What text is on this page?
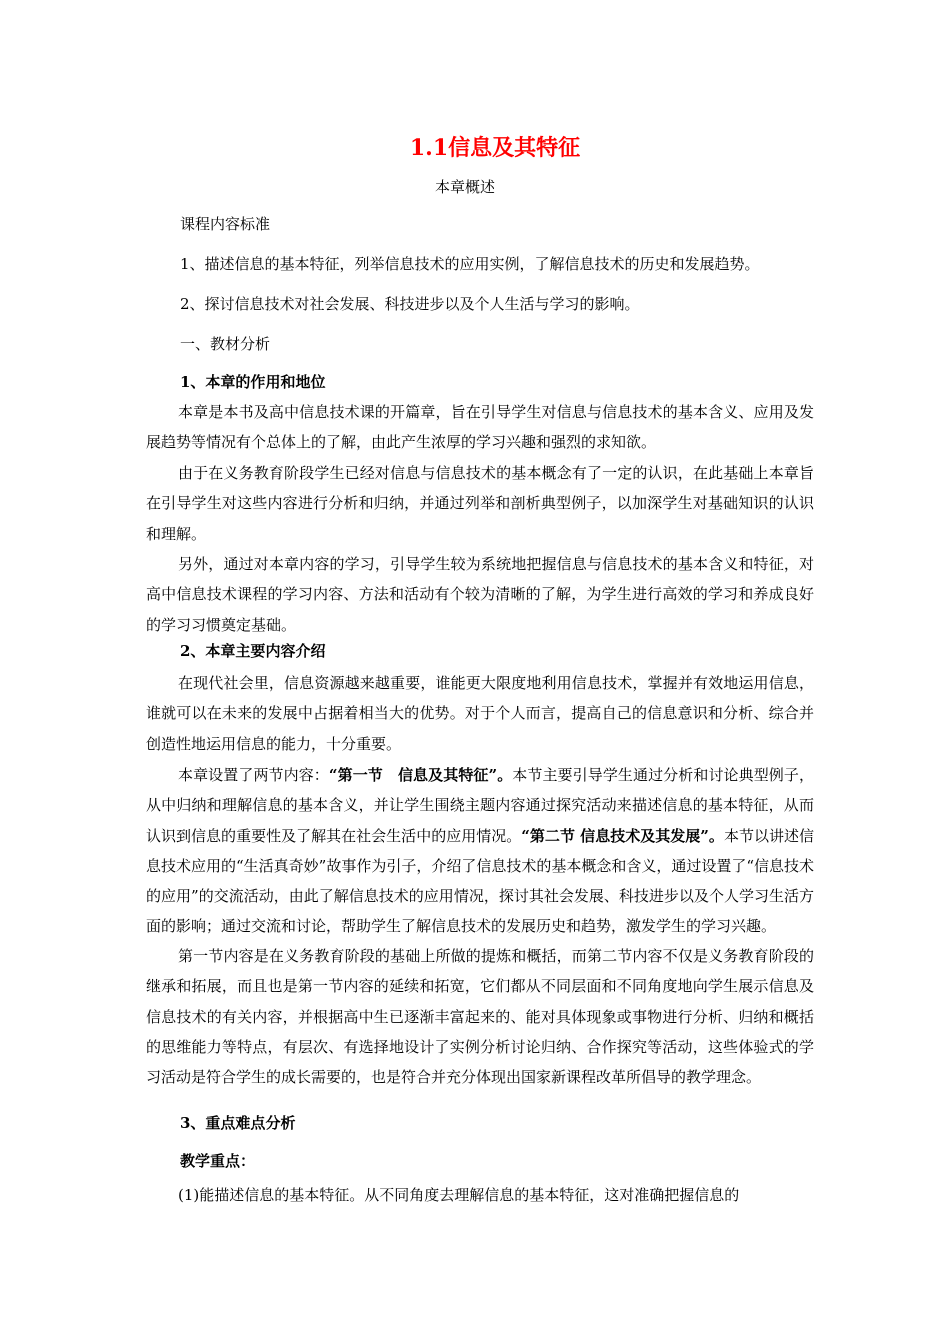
1.1信息及其特征
本章概述
课程内容标准
1、描述信息的基本特征，列举信息技术的应用实例，了解信息技术的历史和发展趋势。
2、探讨信息技术对社会发展、科技进步以及个人生活与学习的影响。
一、教材分析
1、本章的作用和地位

本章是本书及高中信息技术课的开篇章，旨在引导学生对信息与信息技术的基本含义、应用及发展趋势等情况有个总体上的了解，由此产生浓厚的学习兴趣和强烈的求知欲。

由于在义务教育阶段学生已经对信息与信息技术的基本概念有了一定的认识，在此基础上本章旨在引导学生对这些内容进行分析和归纳，并通过列举和剖析典型例子，以加深学生对基础知识的认识和理解。

另外，通过对本章内容的学习，引导学生较为系统地把握信息与信息技术的基本含义和特征，对高中信息技术课程的学习内容、方法和活动有个较为清晰的了解，为学生进行高效的学习和养成良好的学习习惯奠定基础。

2、本章主要内容介绍

在现代社会里，信息资源越来越重要，谁能更大限度地利用信息技术，掌握并有效地运用信息，谁就可以在未来的发展中占据着相当大的优势。对于个人而言，提高自己的信息意识和分析、综合并创造性地运用信息的能力，十分重要。

本章设置了两节内容：“第一节　信息及其特征”。本节主要引导学生通过分析和讨论典型例子，从中归纳和理解信息的基本含义，并让学生围绕主题内容通过探究活动来描述信息的基本特征，从而认识到信息的重要性及了解其在社会生活中的应用情况。“第二节 信息技术及其发展”。本节以讲述信息技术应用的“生活真奇妙”故事作为引子，介绍了信息技术的基本概念和含义，通过设置了“信息技术的应用”的交流活动，由此了解信息技术的应用情况，探讨其社会发展、科技进步以及个人学习生活方面的影响；通过交流和讨论，帮助学生了解信息技术的发展历史和趋势，激发学生的学习兴趣。

第一节内容是在义务教育阶段的基础上所做的提炼和概括，而第二节内容不仅是义务教育阶段的继承和拓展，而且也是第一节内容的延续和拓宽，它们都从不同层面和不同角度地向学生展示信息及信息技术的有关内容，并根据高中生已逐渐丰富起来的、能对具体现象或事物进行分析、归纳和概括的思维能力等特点，有层次、有选择地设计了实例分析讨论归纳、合作探究等活动，这些体验式的学习活动是符合学生的成长需要的，也是符合并充分体现出国家新课程改革所倡导的教学理念。

3、重点难点分析
教学重点：

(1)能描述信息的基本特征。从不同角度去理解信息的基本特征，这对准确把握信息的
